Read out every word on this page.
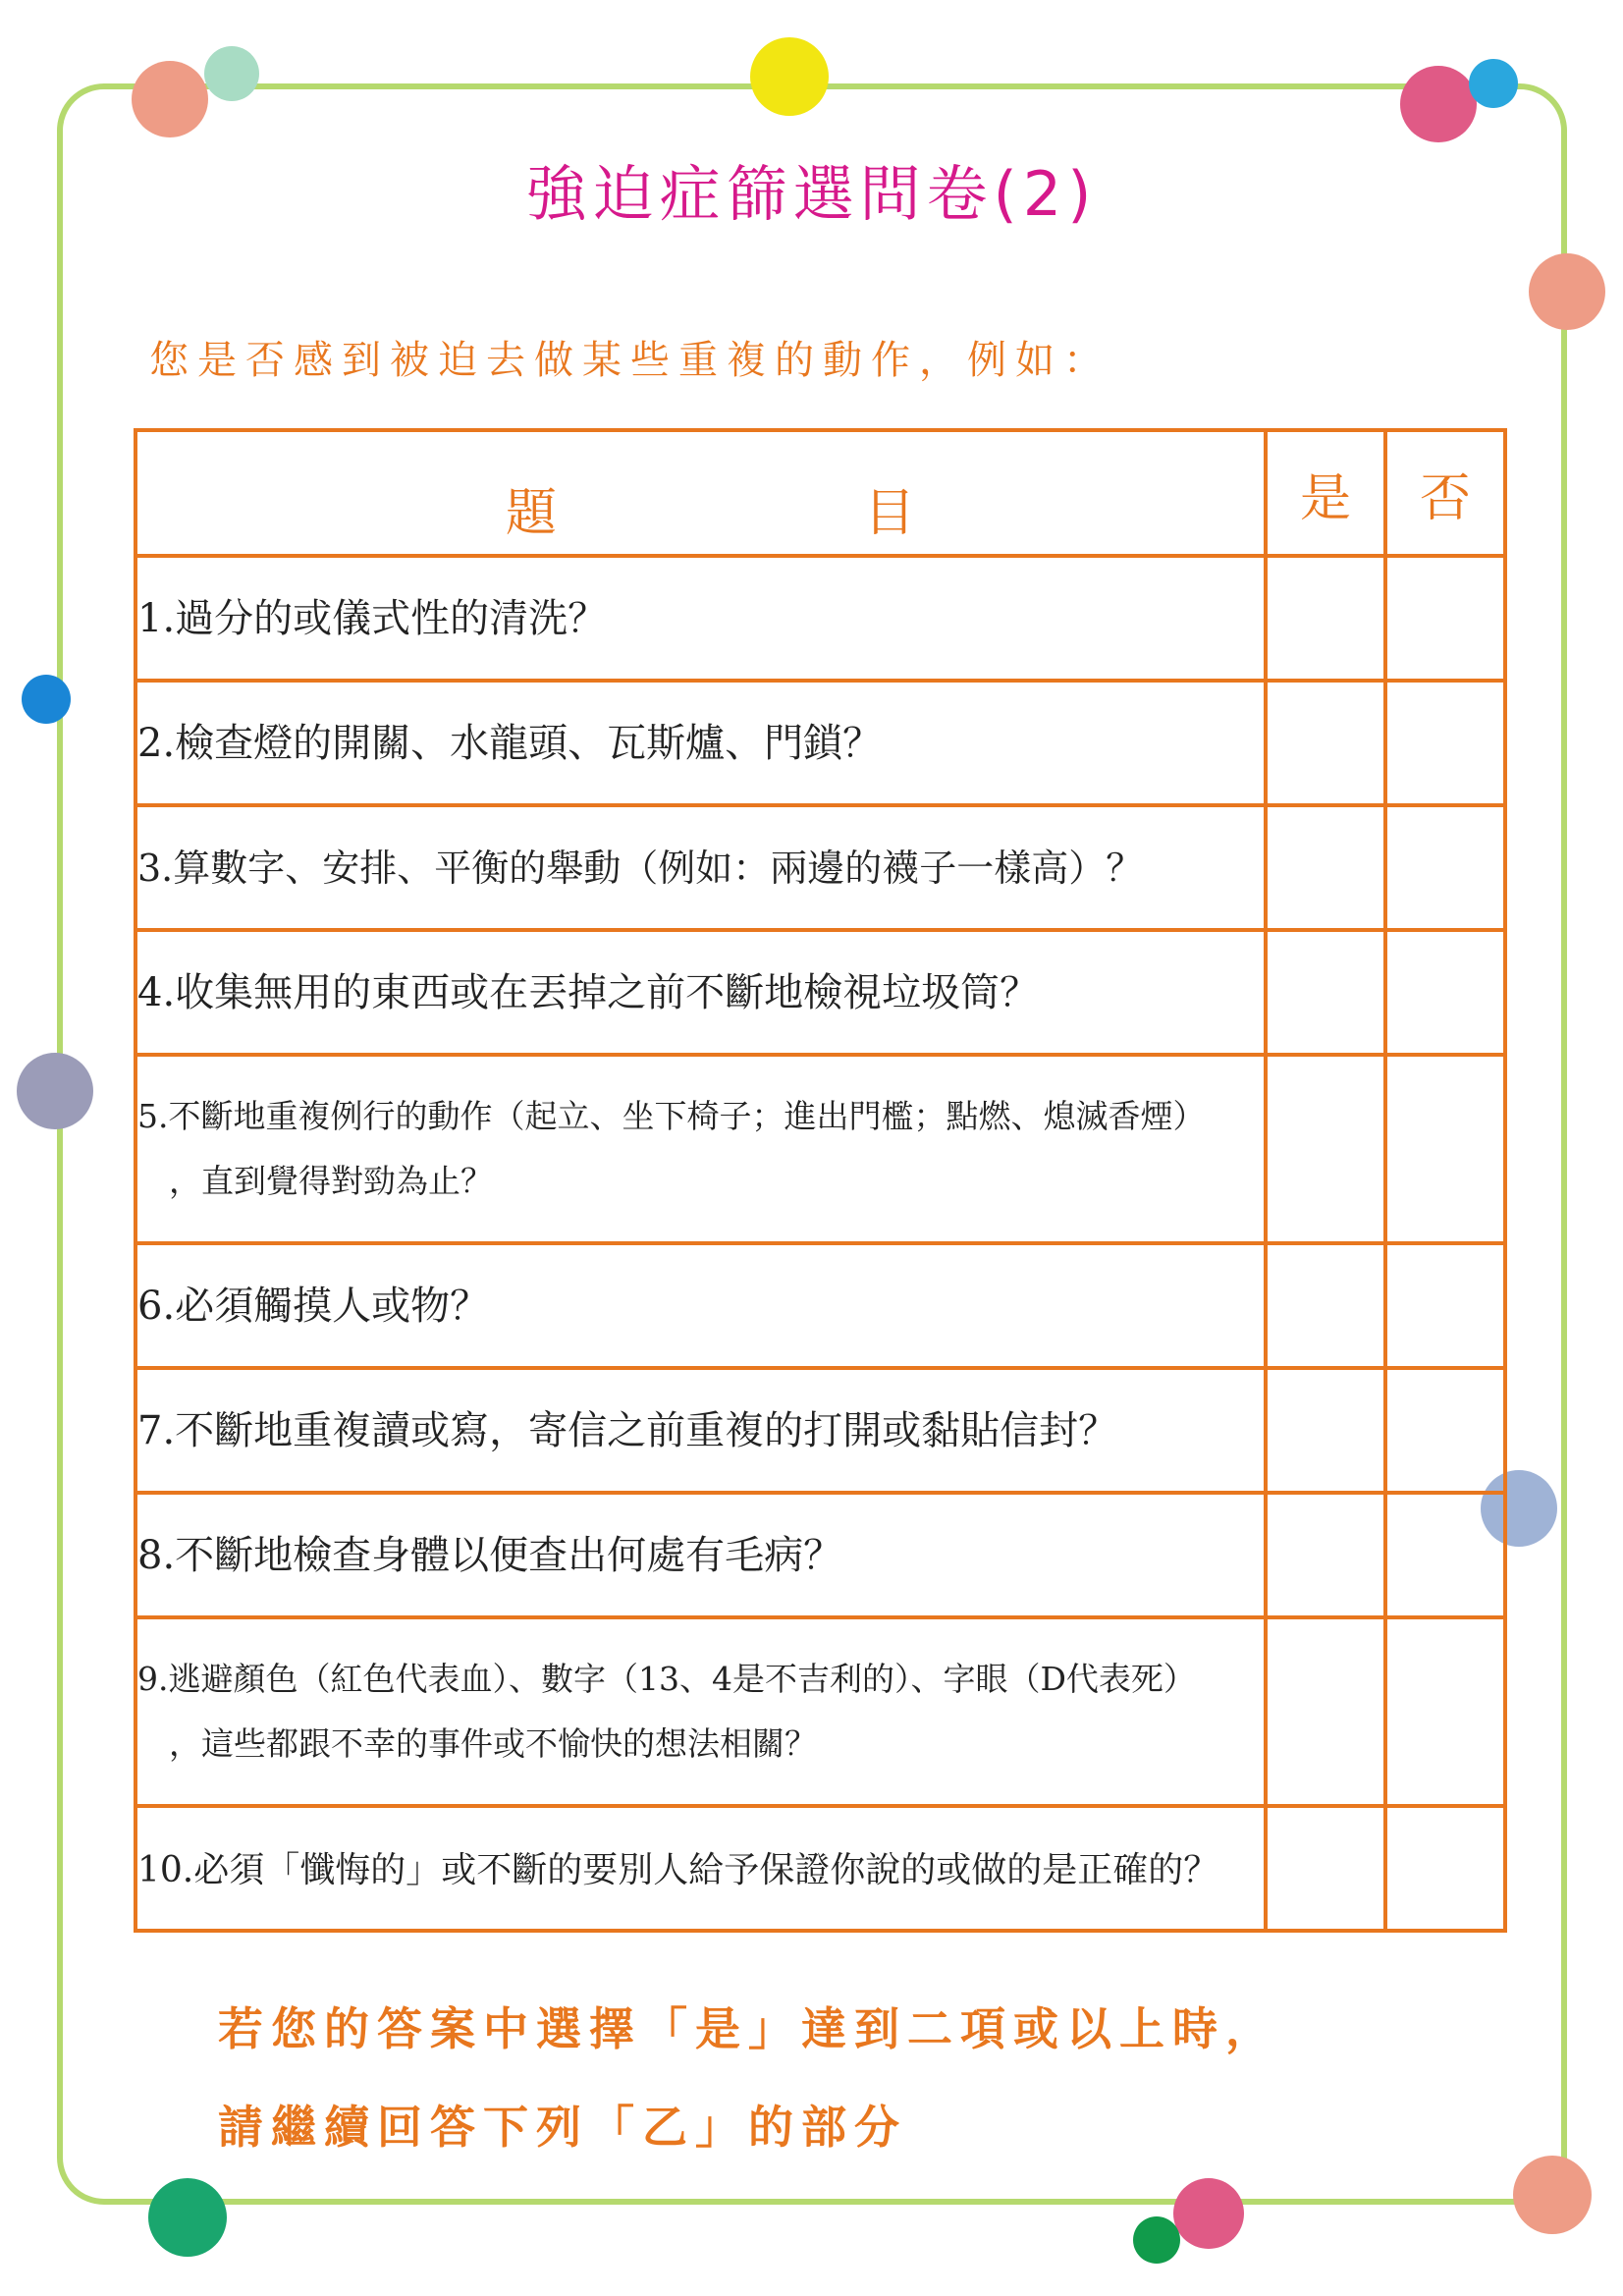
強迫症篩選問卷(2)
您是否感到被迫去做某些重複的動作，例如：
題 目	是	否
1.過分的或儀式性的清洗？		
2.檢查燈的開關、水龍頭、瓦斯爐、門鎖？		
3.算數字、安排、平衡的舉動（例如：兩邊的襪子一樣高）？		
4.收集無用的東西或在丟掉之前不斷地檢視垃圾筒？		
5.不斷地重複例行的動作（起立、坐下椅子；進出門檻；點燃、熄滅香煙）
，直到覺得對勁為止？		

6.必須觸摸人或物？		
7.不斷地重複讀或寫，寄信之前重複的打開或黏貼信封？		
8.不斷地檢查身體以便查出何處有毛病？		
9.逃避顏色（紅色代表血）、數字（13、4是不吉利的）、字眼（D代表死）
，這些都跟不幸的事件或不愉快的想法相關？		

10.必須「懺悔的」或不斷的要別人給予保證你說的或做的是正確的？		
若您的答案中選擇「是」達到二項或以上時，
請繼續回答下列「乙」的部分
